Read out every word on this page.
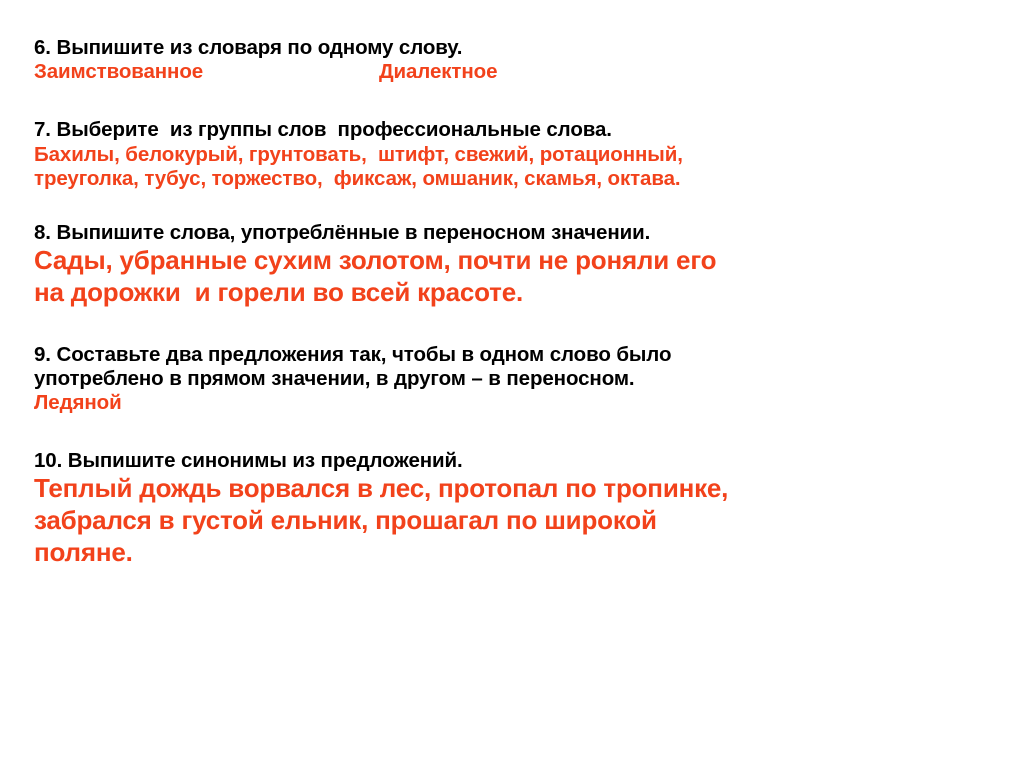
6. Выпишите из словаря по одному слову.
Заимствованное	Диалектное
7. Выберите  из группы слов  профессиональные слова.
Бахилы, белокурый, грунтовать,  штифт, свежий, ротационный,
треуголка, тубус, торжество,  фиксаж, омшаник, скамья, октава.
8. Выпишите слова, употреблённые в переносном значении.
Сады, убранные сухим золотом, почти не роняли его
на дорожки  и горели во всей красоте.
9. Составьте два предложения так, чтобы в одном слово было
употреблено в прямом значении, в другом – в переносном.
Ледяной
10. Выпишите синонимы из предложений.
Теплый дождь ворвался в лес, протопал по тропинке,
забрался в густой ельник, прошагал по широкой
поляне.
